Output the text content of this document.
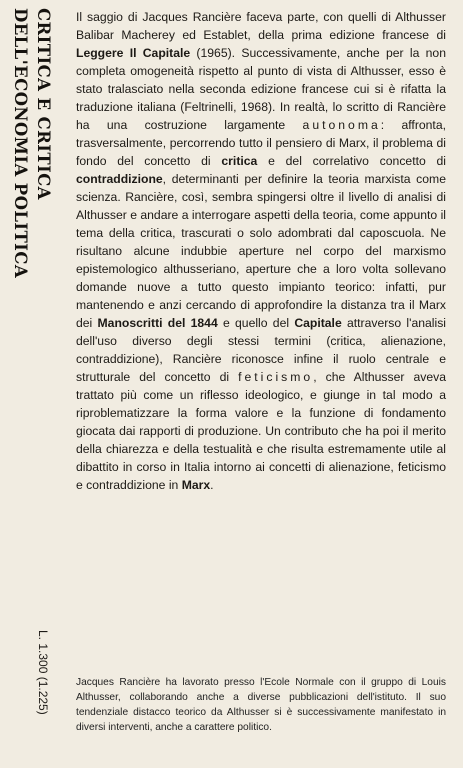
CRITICA E CRITICA
DELL'ECONOMIA POLITICA	Il saggio di Jacques Rancière faceva parte, con quelli di Althusser Balibar Macherey ed Establet, della prima edizione francese di Leggere Il Capitale (1965). Successivamente, anche per la non completa omogeneità rispetto al punto di vista di Althusser, esso è stato tralasciato nella seconda edizione francese cui si è rifatta la traduzione italiana (Feltrinelli, 1968). In realtà, lo scritto di Rancière ha una costruzione largamente autonoma: affronta, trasversalmente, percorrendo tutto il pensiero di Marx, il problema di fondo del concetto di critica e del correlativo concetto di contraddizione, determinanti per definire la teoria marxista come scienza. Rancière, così, sembra spingersi oltre il livello di analisi di Althusser e andare a interrogare aspetti della teoria, come appunto il tema della critica, trascurati o solo adombrati dal caposcuola. Ne risultano alcune indubbie aperture nel corpo del marxismo epistemologico althusseriano, aperture che a loro volta sollevano domande nuove a tutto questo impianto teorico: infatti, pur mantenendo e anzi cercando di approfondire la distanza tra il Marx dei Manoscritti del 1844 e quello del Capitale attraverso l'analisi dell'uso diverso degli stessi termini (critica, alienazione, contraddizione), Rancière riconosce infine il ruolo centrale e strutturale del concetto di feticismo, che Althusser aveva trattato più come un riflesso ideologico, e giunge in tal modo a riproblematizzare la forma valore e la funzione di fondamento giocata dai rapporti di produzione. Un contributo che ha poi il merito della chiarezza e della testualità e che risulta estremamente utile al dibattito in corso in Italia intorno ai concetti di alienazione, feticismo e contraddizione in Marx.

L. 1.300 (1.225)	Jacques Rancière ha lavorato presso l'Ecole Normale con il gruppo di Louis Althusser, collaborando anche a diverse pubblicazioni dell'istituto. Il suo tendenziale distacco teorico da Althusser si è successivamente manifestato in diversi interventi, anche a carattere politico.
